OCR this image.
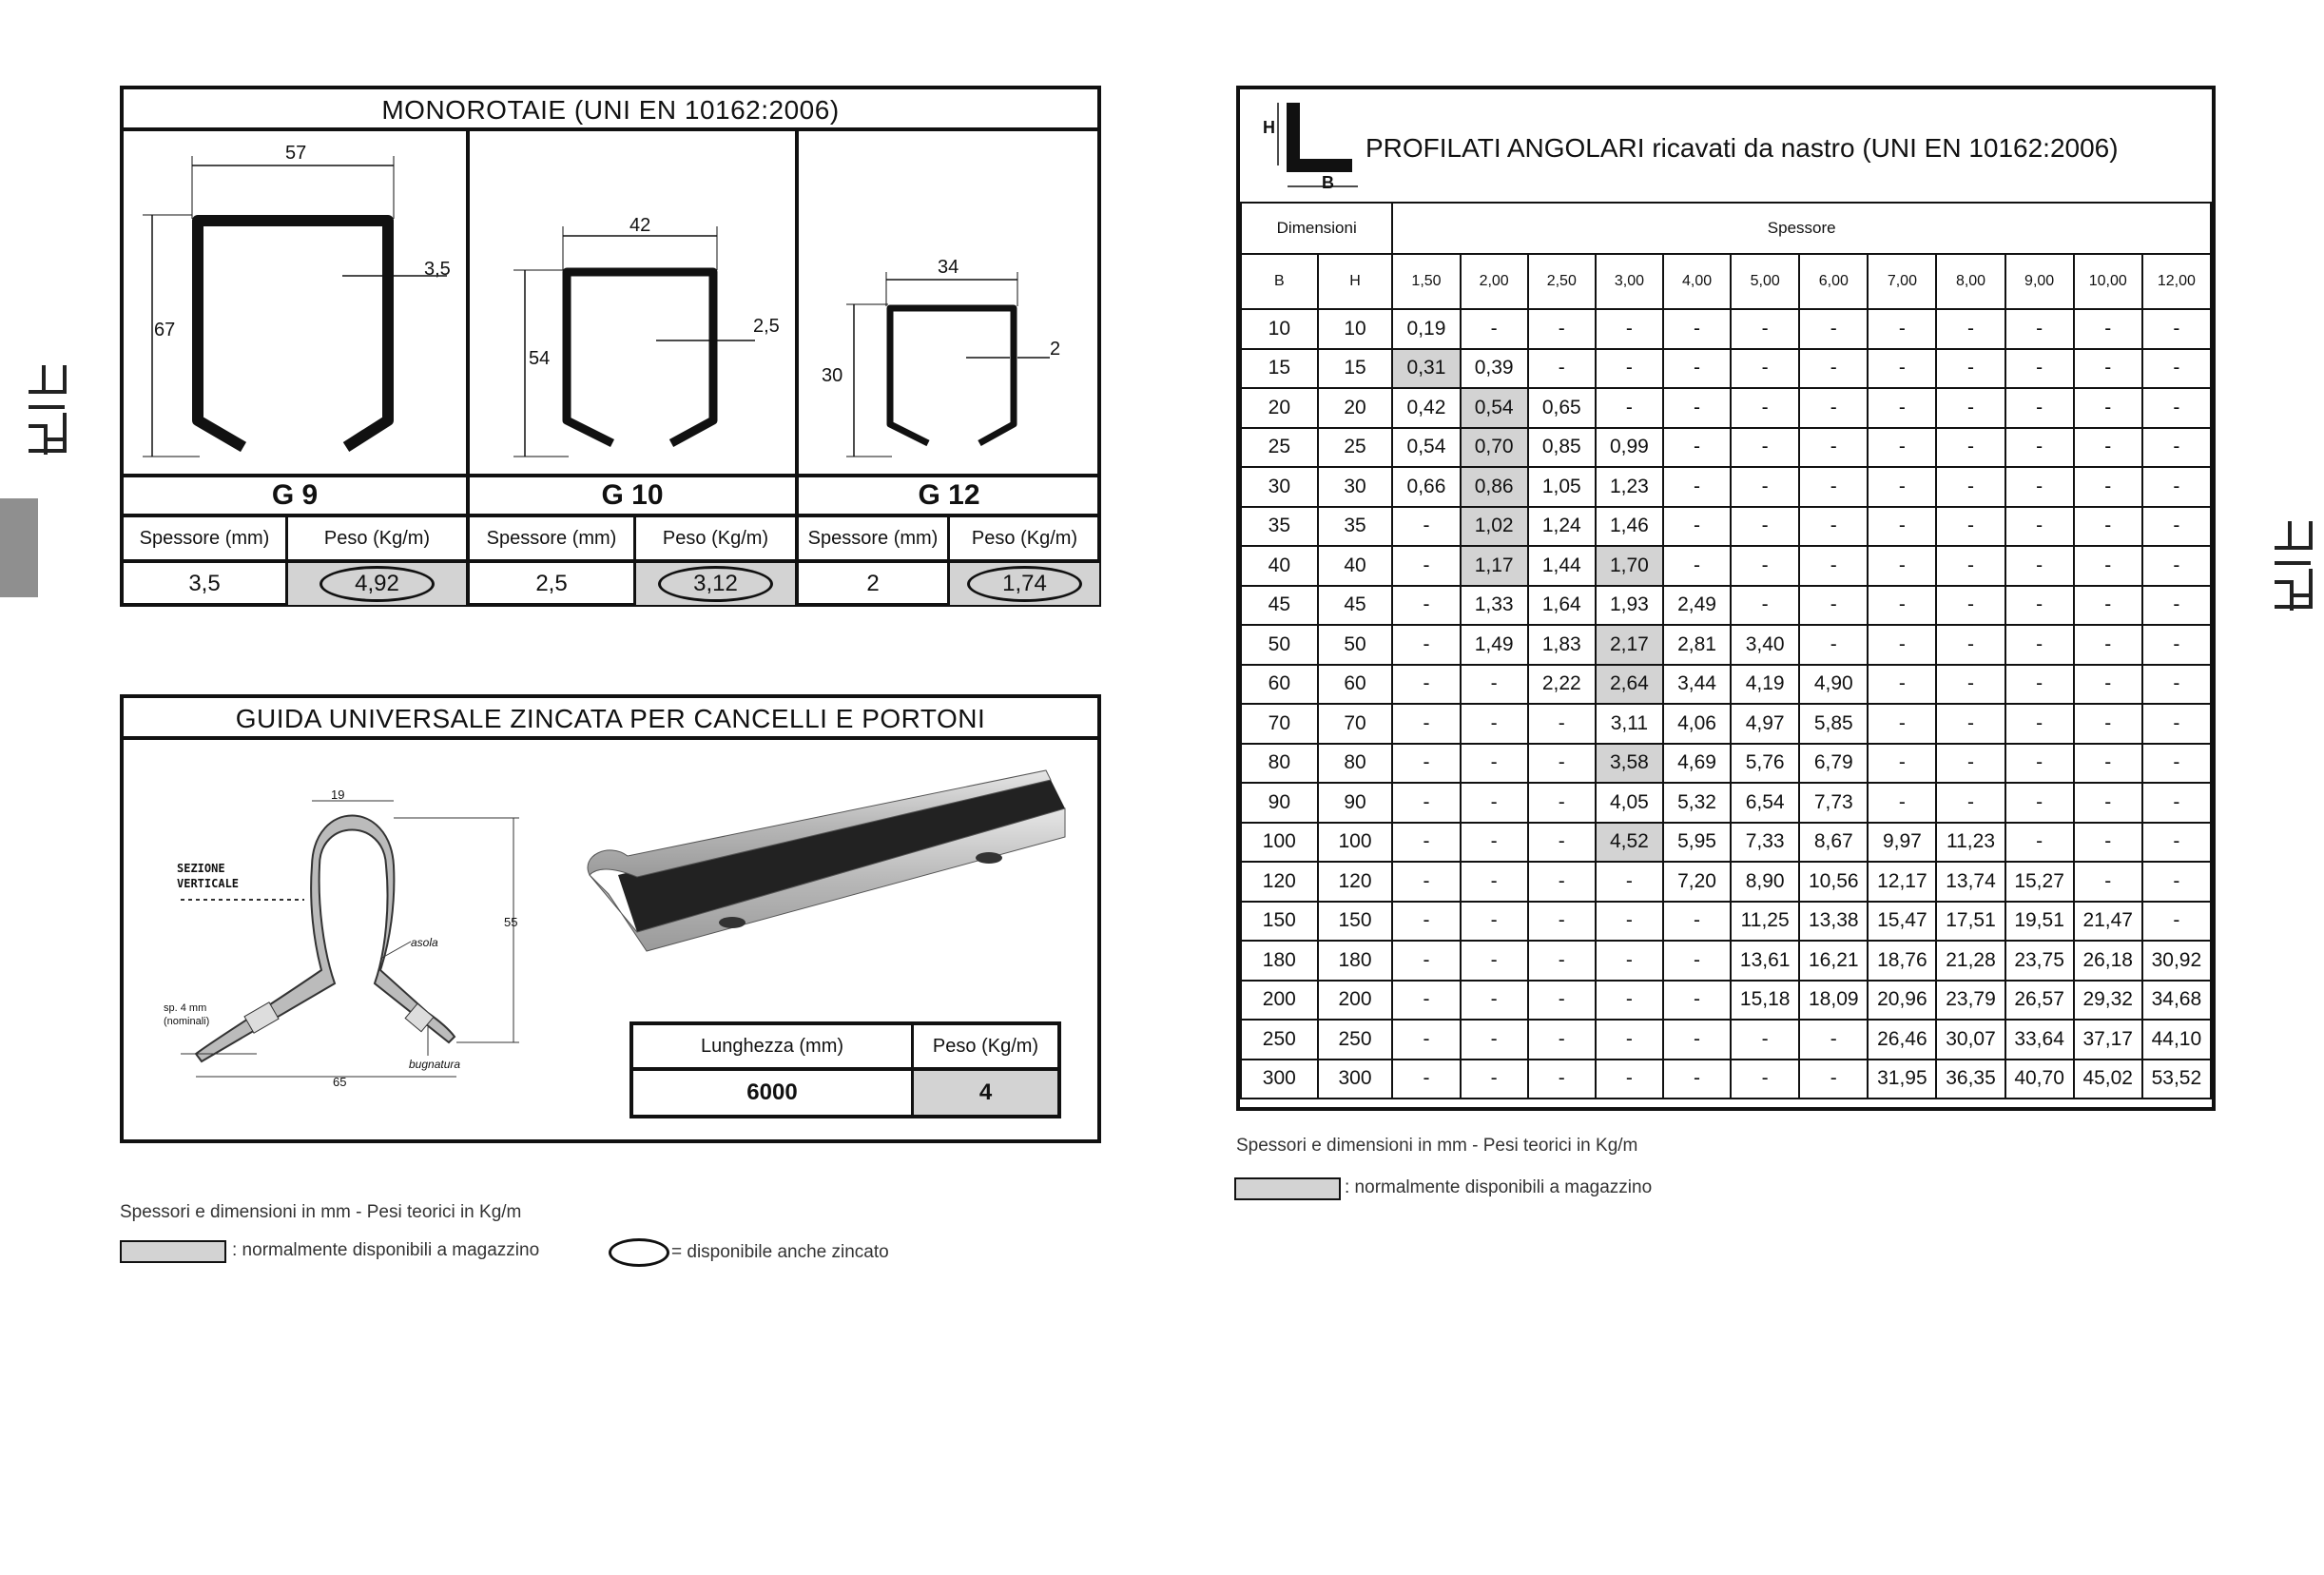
MONOROTAIE (UNI EN 10162:2006)
57
67
3,5
42
54
2,5
34
30
2
G 9	G 10	G 12
Spessore (mm)	Peso (Kg/m)	Spessore (mm)	Peso (Kg/m)	Spessore (mm)	Peso (Kg/m)
3,5	4,92	2,5	3,12	2	1,74
GUIDA UNIVERSALE ZINCATA PER CANCELLI E PORTONI
19
55
65
SEZIONE
VERTICALE
asola
sp. 4 mm
(nominali)
bugnatura
Lunghezza (mm)	Peso (Kg/m)
6000	4
Spessori e dimensioni in mm - Pesi teorici in Kg/m
: normalmente disponibili a magazzino	= disponibile anche zincato
H
B
PROFILATI ANGOLARI ricavati da nastro (UNI EN 10162:2006)
Dimensioni		Spessore											
B	H	1,50	2,00	2,50	3,00	4,00	5,00	6,00	7,00	8,00	9,00	10,00	12,00
10	10	0,19	-	-	-	-	-	-	-	-	-	-	-
15	15	0,31	0,39	-	-	-	-	-	-	-	-	-	-
20	20	0,42	0,54	0,65	-	-	-	-	-	-	-	-	-
25	25	0,54	0,70	0,85	0,99	-	-	-	-	-	-	-	-
30	30	0,66	0,86	1,05	1,23	-	-	-	-	-	-	-	-
35	35	-	1,02	1,24	1,46	-	-	-	-	-	-	-	-
40	40	-	1,17	1,44	1,70	-	-	-	-	-	-	-	-
45	45	-	1,33	1,64	1,93	2,49	-	-	-	-	-	-	-
50	50	-	1,49	1,83	2,17	2,81	3,40	-	-	-	-	-	-
60	60	-	-	2,22	2,64	3,44	4,19	4,90	-	-	-	-	-
70	70	-	-	-	3,11	4,06	4,97	5,85	-	-	-	-	-
80	80	-	-	-	3,58	4,69	5,76	6,79	-	-	-	-	-
90	90	-	-	-	4,05	5,32	6,54	7,73	-	-	-	-	-
100	100	-	-	-	4,52	5,95	7,33	8,67	9,97	11,23	-	-	-
120	120	-	-	-	-	7,20	8,90	10,56	12,17	13,74	15,27	-	-
150	150	-	-	-	-	-	11,25	13,38	15,47	17,51	19,51	21,47	-
180	180	-	-	-	-	-	13,61	16,21	18,76	21,28	23,75	26,18	30,92
200	200	-	-	-	-	-	15,18	18,09	20,96	23,79	26,57	29,32	34,68
250	250	-	-	-	-	-	-	-	26,46	30,07	33,64	37,17	44,10
300	300	-	-	-	-	-	-	-	31,95	36,35	40,70	45,02	53,52
Spessori e dimensioni in mm - Pesi teorici in Kg/m
: normalmente disponibili a magazzino
